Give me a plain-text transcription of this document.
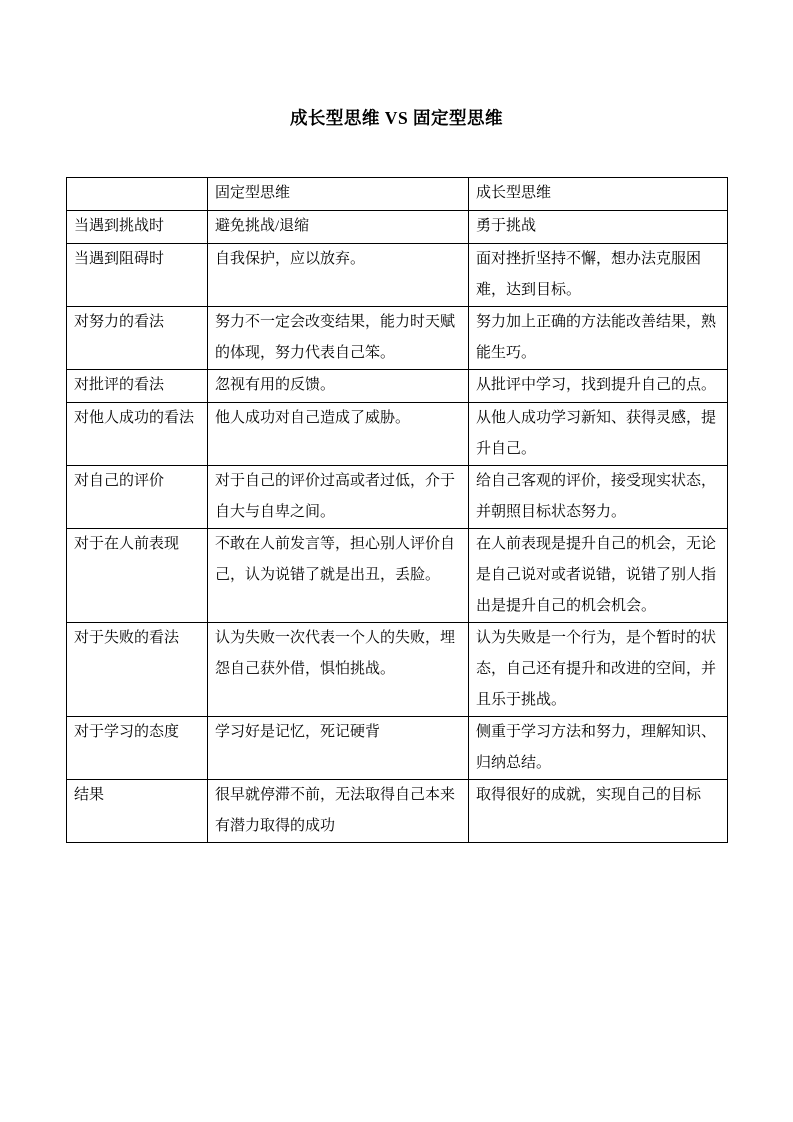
成长型思维 VS 固定型思维
	固定型思维	成长型思维
当遇到挑战时	避免挑战/退缩	勇于挑战
当遇到阻碍时	自我保护，应以放弃。	面对挫折坚持不懈，想办法克服困难，达到目标。
对努力的看法	努力不一定会改变结果，能力时天赋的体现，努力代表自己笨。	努力加上正确的方法能改善结果，熟能生巧。
对批评的看法	忽视有用的反馈。	从批评中学习，找到提升自己的点。
对他人成功的看法	他人成功对自己造成了威胁。	从他人成功学习新知、获得灵感，提升自己。
对自己的评价	对于自己的评价过高或者过低，介于自大与自卑之间。	给自己客观的评价，接受现实状态，并朝照目标状态努力。
对于在人前表现	不敢在人前发言等，担心别人评价自己，认为说错了就是出丑，丢脸。	在人前表现是提升自己的机会，无论是自己说对或者说错，说错了别人指出是提升自己的机会机会。
对于失败的看法	认为失败一次代表一个人的失败，埋怨自己获外借，惧怕挑战。	认为失败是一个行为，是个暂时的状态，自己还有提升和改进的空间，并且乐于挑战。
对于学习的态度	学习好是记忆，死记硬背	侧重于学习方法和努力，理解知识、归纳总结。
结果	很早就停滞不前，无法取得自己本来有潜力取得的成功	取得很好的成就，实现自己的目标
